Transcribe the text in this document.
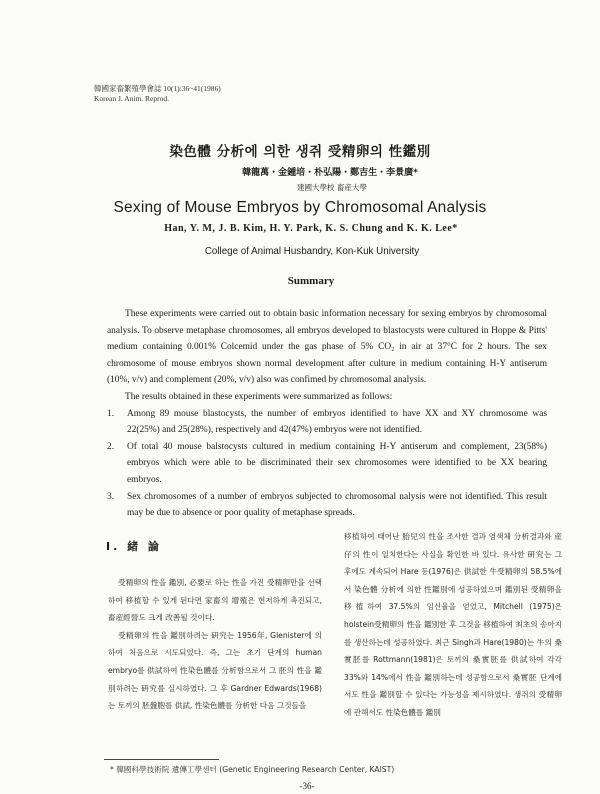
韓國家畜繁殖學會誌 10(1):36~41(1986)
Korean J. Anim. Reprod.
染色體 分析에 의한 생쥐 受精卵의 性鑑別
韓龍萬・金鍾培・朴弘陽・鄭吉生・李景廣*
建國大學校 畜産大學
Sexing of Mouse Embryos by Chromosomal Analysis
Han, Y. M, J. B. Kim, H. Y. Park, K. S. Chung and K. K. Lee*
College of Animal Husbandry, Kon-Kuk University
Summary

These experiments were carried out to obtain basic information necessary for sexing embryos by chromosomal analysis. To observe metaphase chromosomes, all embryos developed to blastocysts were cultured in Hoppe & Pitts' medium containing 0.001% Colcemid under the gas phase of 5% CO₂ in air at 37°C for 2 hours. The sex chromosome of mouse embryos shown normal development after culture in medium containing H-Y antiserum (10%, v/v) and complement (20%, v/v) also was confimed by chromosomal analysis.

The results obtained in these experiments were summarized as follows:

1. Among 89 mouse blastocysts, the number of embryos identified to have XX and XY chromosome was 22(25%) and 25(28%), respectively and 42(47%) embryos were not identified.
2. Of total 40 mouse balstocysts cultured in medium containing H-Y antiserum and complement, 23(58%) embryos which were able to be discriminated their sex chromosomes were identified to be XX bearing embryos.
3. Sex chromosomes of a number of embryos subjected to chromosomal nalysis were not identified. This result may be due to absence or poor quality of metaphase spreads.
I. 緒 論

受精卵의 性을 鑑別, 必要로 하는 性을 가진 受精卵만을 선택하여 移植할 수 있게 된다면 家畜의 增殖은 현저하게 촉진되고, 畜産經營도 크게 改善될 것이다.

受精卵의 性을 鑑別하려는 硏究는 1956年, Glenister에 의하여 처음으로 시도되었다. 즉, 그는 초기 단계의 human embryo를 供試하여 性染色體를 分析함으로서 그 胚의 性을 鑑別하려는 硏究를 실시하였다. 그 후 Gardner Edwards(1968)는 토끼의 胚盤胞를 供試, 性染色體를 分析한 다음 그것들을

移植하여 태어난 胎兒의 性을 조사한 결과 염색체 分析결과와 産仔의 性이 일치한다는 사실을 확인한 바 있다. 유사한 硏究는 그 후에도 계속되어 Hare 등(1976)은 供試한 牛受精卵의 58.5%에서 染色體 分析에 의한 性鑑別에 성공하였으며 鑑別된 受精卵을 移植하여 37.5%의 임신율을 얻었고, Mitchell (1975)은 holstein受精卵의 性을 鑑別한 후 그것을 移植하여 최초의 송아지를 생산하는데 성공하였다. 최근 Singh과 Hare(1980)는 牛의 桑實胚를 Rottmann(1981)은 토끼의 桑實胚를 供試하여 각각 33%와 14%에서 性을 鑑別하는데 성공함으로서 桑實胚 단계에서도 性을 鑑別할 수 있다는 가능성을 제시하였다. 생쥐의 受精卵에 관해서도 性染色體를 鑑別

* 韓國科學技術院 遺傳工學센터 (Genetic Engineering Research Center, KAIST)
-36-
